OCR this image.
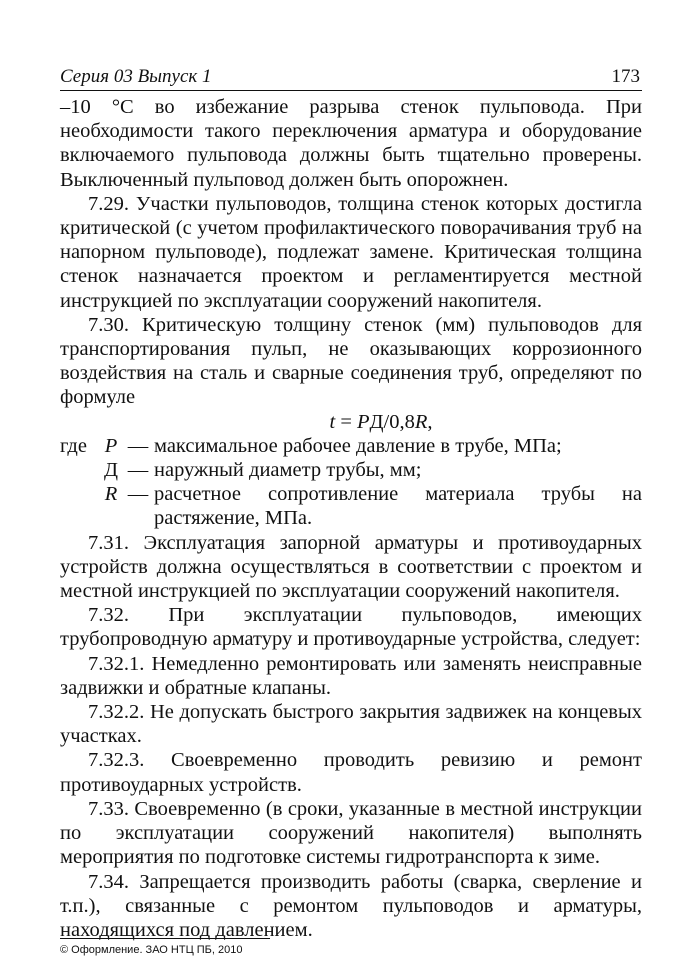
Серия 03 Выпуск 1	173

–10 °С во избежание разрыва стенок пульповода. При необходимости такого переключения арматура и оборудование включаемого пульповода должны быть тщательно проверены. Выключенный пульповод должен быть опорожнен.

7.29. Участки пульповодов, толщина стенок которых достигла критической (с учетом профилактического поворачивания труб на напорном пульповоде), подлежат замене. Критическая толщина стенок назначается проектом и регламентируется местной инструкцией по эксплуатации сооружений накопителя.

7.30. Критическую толщину стенок (мм) пульповодов для транспортирования пульп, не оказывающих коррозионного воздействия на сталь и сварные соединения труб, определяют по формуле

t = PД/0,8R,

где P — максимальное рабочее давление в трубе, МПа;
Д — наружный диаметр трубы, мм;
R — расчетное сопротивление материала трубы на растяжение, МПа.

7.31. Эксплуатация запорной арматуры и противоударных устройств должна осуществляться в соответствии с проектом и местной инструкцией по эксплуатации сооружений накопителя.

7.32. При эксплуатации пульповодов, имеющих трубопроводную арматуру и противоударные устройства, следует:

7.32.1. Немедленно ремонтировать или заменять неисправные задвижки и обратные клапаны.

7.32.2. Не допускать быстрого закрытия задвижек на концевых участках.

7.32.3. Своевременно проводить ревизию и ремонт противоударных устройств.

7.33. Своевременно (в сроки, указанные в местной инструкции по эксплуатации сооружений накопителя) выполнять мероприятия по подготовке системы гидротранспорта к зиме.

7.34. Запрещается производить работы (сварка, сверление и т.п.), связанные с ремонтом пульповодов и арматуры, находящихся под давлением.

© Оформление. ЗАО НТЦ ПБ, 2010
